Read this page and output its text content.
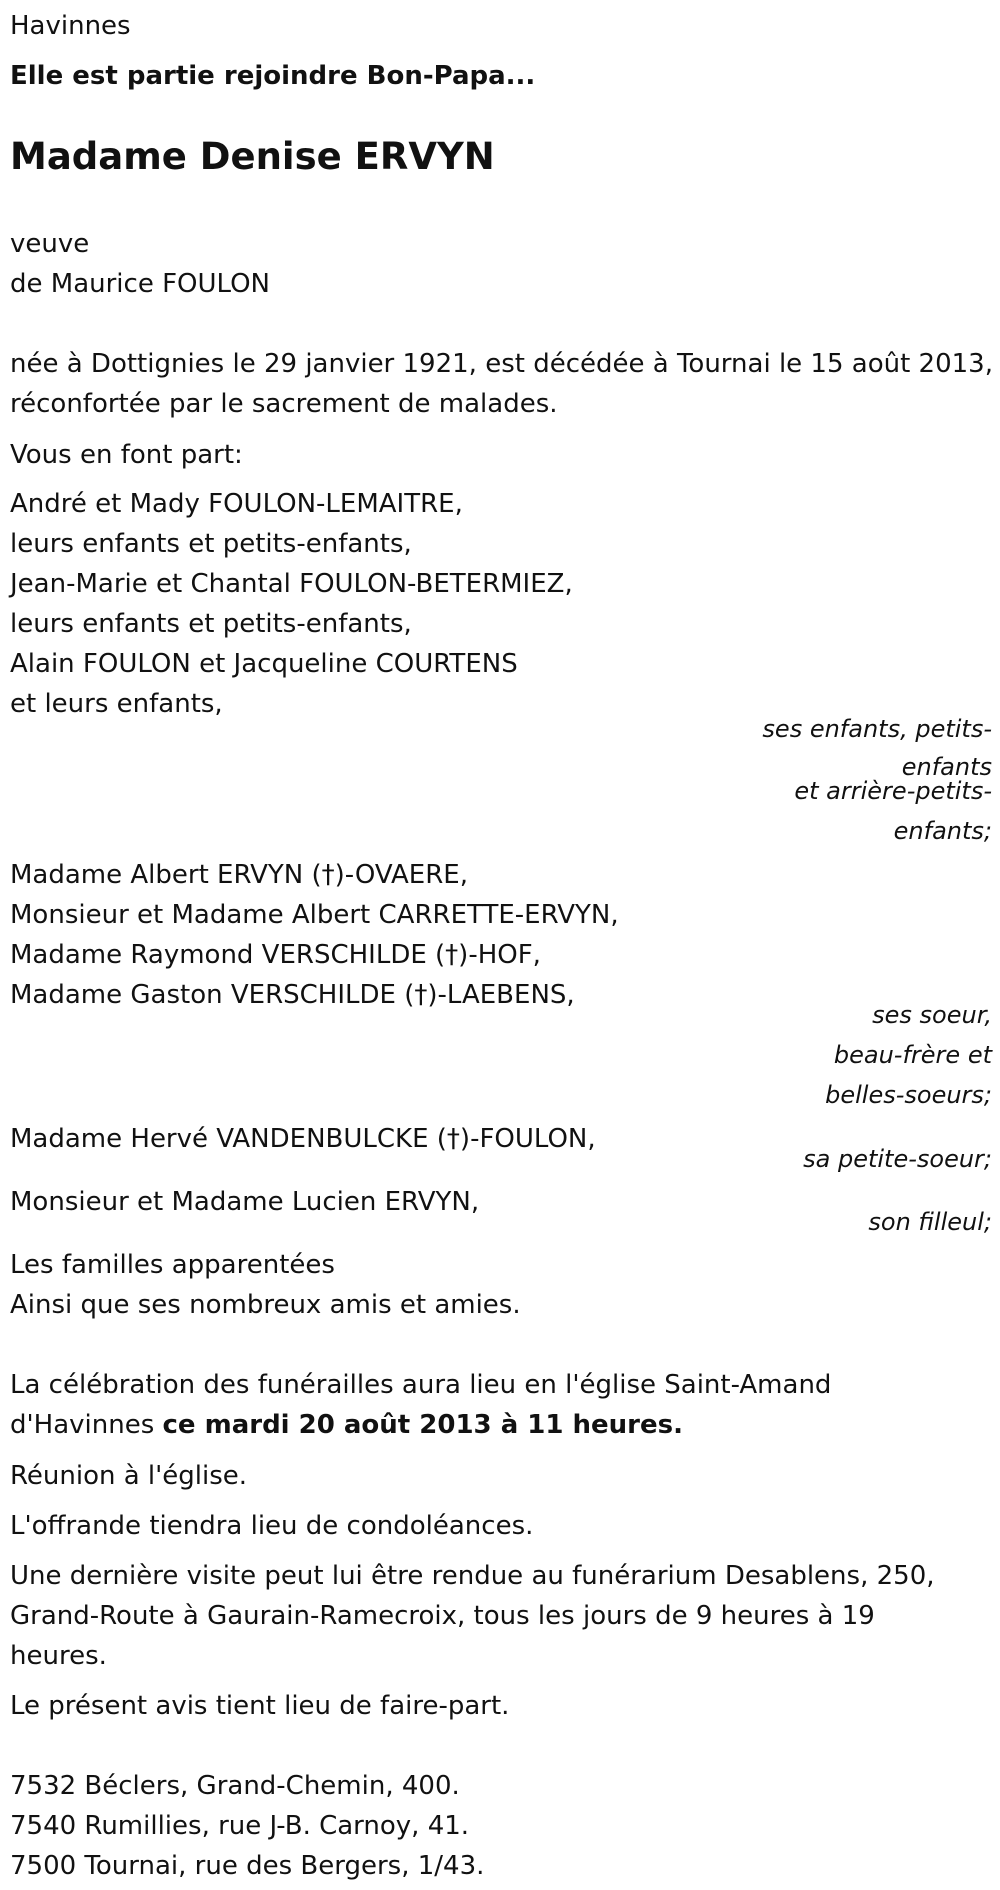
Havinnes
Elle est partie rejoindre Bon-Papa...
Madame Denise ERVYN
veuve
de Maurice FOULON
née à Dottignies le 29 janvier 1921, est décédée à Tournai le 15 août 2013,
réconfortée par le sacrement de malades.
Vous en font part:
André et Mady FOULON-LEMAITRE,
leurs enfants et petits-enfants,
Jean-Marie et Chantal FOULON-BETERMIEZ,
leurs enfants et petits-enfants,
Alain FOULON et Jacqueline COURTENS
et leurs enfants,
ses enfants, petits-
enfants
et arrière-petits-
enfants;
Madame Albert ERVYN (†)-OVAERE,
Monsieur et Madame Albert CARRETTE-ERVYN,
Madame Raymond VERSCHILDE (†)-HOF,
Madame Gaston VERSCHILDE (†)-LAEBENS,
ses soeur,
beau-frère et
belles-soeurs;
Madame Hervé VANDENBULCKE (†)-FOULON,
sa petite-soeur;
Monsieur et Madame Lucien ERVYN,
son filleul;
Les familles apparentées
Ainsi que ses nombreux amis et amies.
La célébration des funérailles aura lieu en l'église Saint-Amand
d'Havinnes ce mardi 20 août 2013 à 11 heures.
Réunion à l'église.
L'offrande tiendra lieu de condoléances.
Une dernière visite peut lui être rendue au funérarium Desablens, 250,
Grand-Route à Gaurain-Ramecroix, tous les jours de 9 heures à 19
heures.
Le présent avis tient lieu de faire-part.
7532 Béclers, Grand-Chemin, 400.
7540 Rumillies, rue J-B. Carnoy, 41.
7500 Tournai, rue des Bergers, 1/43.
